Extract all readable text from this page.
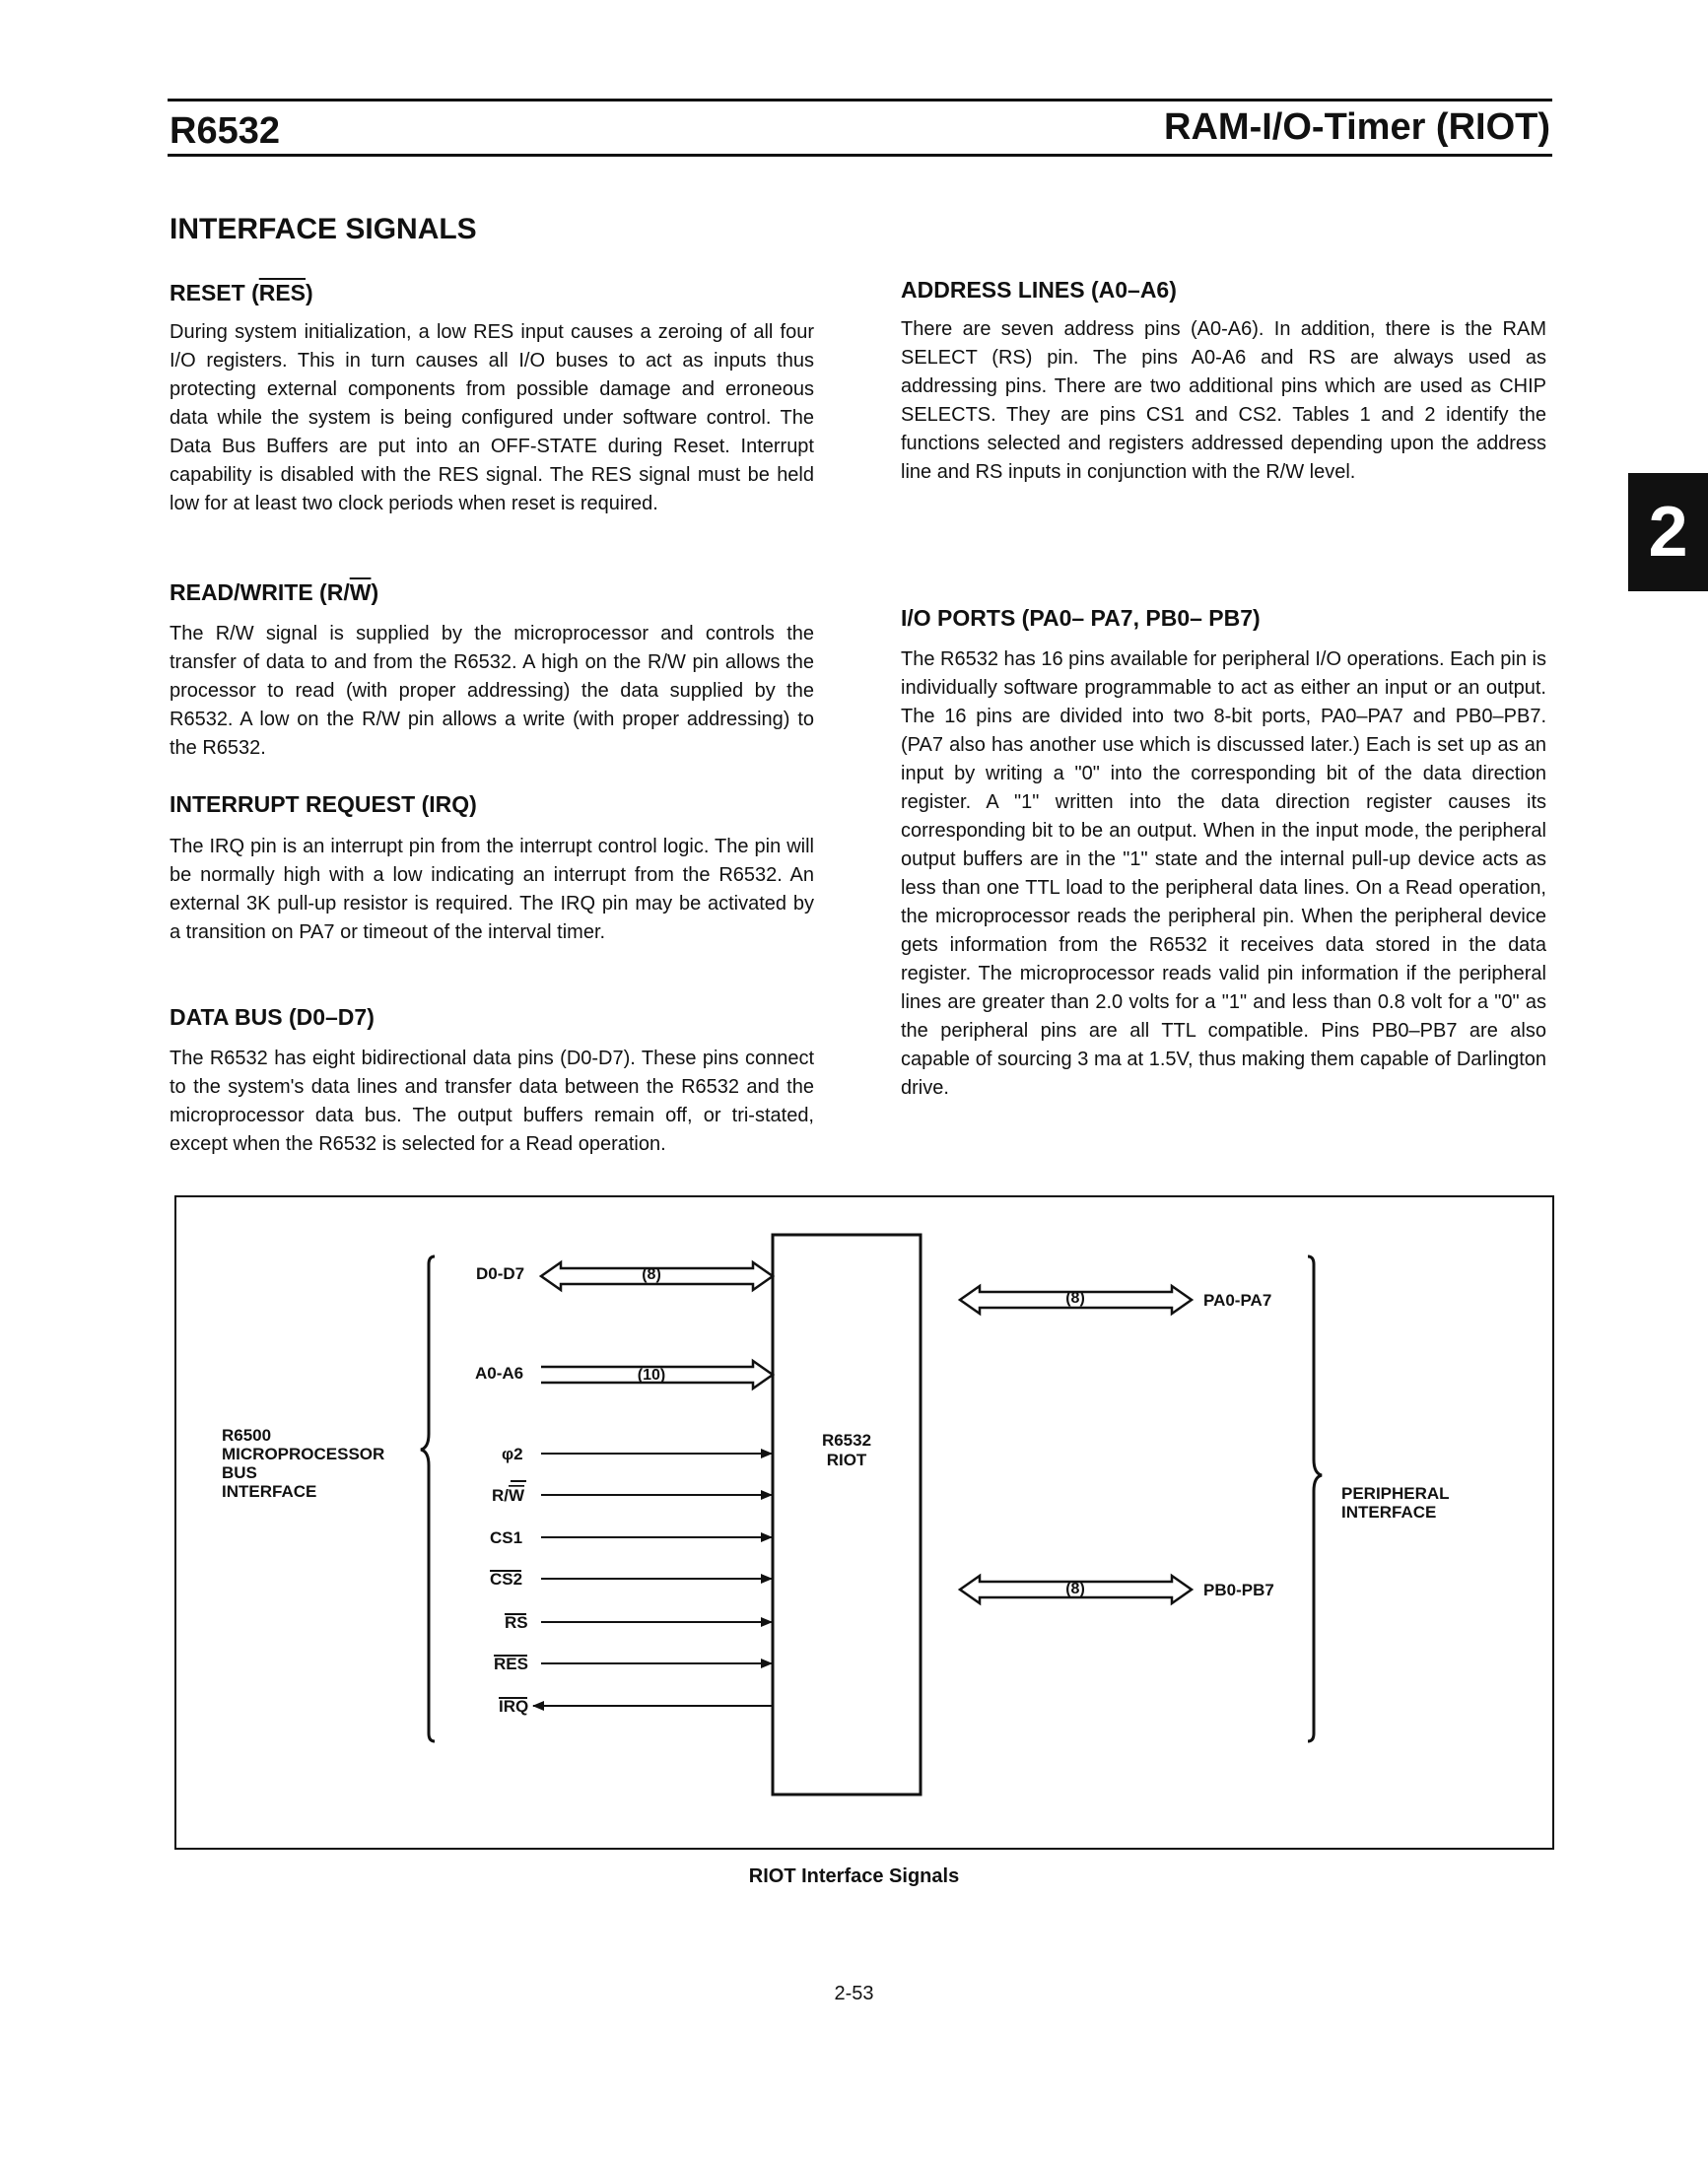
R6532	RAM-I/O-Timer (RIOT)
INTERFACE SIGNALS
2
RESET $(\overline{RES})$
During system initialization, a low RES input causes a zeroing of all four I/O registers. This in turn causes all I/O buses to act as inputs thus protecting external components from possible damage and erroneous data while the system is being configured under software control. The Data Bus Buffers are put into an OFF-STATE during Reset. Interrupt capability is disabled with the RES signal. The RES signal must be held low for at least two clock periods when reset is required.
READ/WRITE $(R/\overline{W})$
The R/W signal is supplied by the microprocessor and controls the transfer of data to and from the R6532. A high on the R/W pin allows the processor to read (with proper addressing) the data supplied by the R6532. A low on the R/W pin allows a write (with proper addressing) to the R6532.
INTERRUPT REQUEST (IRQ)
The IRQ pin is an interrupt pin from the interrupt control logic. The pin will be normally high with a low indicating an interrupt from the R6532. An external 3K pull-up resistor is required. The IRQ pin may be activated by a transition on PA7 or timeout of the interval timer.
DATA BUS (D0–D7)
The R6532 has eight bidirectional data pins (D0-D7). These pins connect to the system's data lines and transfer data between the R6532 and the microprocessor data bus. The output buffers remain off, or tri-stated, except when the R6532 is selected for a Read operation.
ADDRESS LINES (A0–A6)
There are seven address pins (A0-A6). In addition, there is the RAM SELECT (RS) pin. The pins A0-A6 and RS are always used as addressing pins. There are two additional pins which are used as CHIP SELECTS. They are pins CS1 and CS2. Tables 1 and 2 identify the functions selected and registers addressed depending upon the address line and RS inputs in conjunction with the R/W level.
I/O PORTS (PA0– PA7, PB0– PB7)
The R6532 has 16 pins available for peripheral I/O operations. Each pin is individually software programmable to act as either an input or an output. The 16 pins are divided into two 8-bit ports, PA0–PA7 and PB0–PB7. (PA7 also has another use which is discussed later.) Each is set up as an input by writing a "0" into the corresponding bit of the data direction register. A "1" written into the data direction register causes its corresponding bit to be an output. When in the input mode, the peripheral output buffers are in the "1" state and the internal pull-up device acts as less than one TTL load to the peripheral data lines. On a Read operation, the microprocessor reads the peripheral pin. When the peripheral device gets information from the R6532 it receives data stored in the data register. The microprocessor reads valid pin information if the peripheral lines are greater than 2.0 volts for a "1" and less than 0.8 volt for a "0" as the peripheral pins are all TTL compatible. Pins PB0–PB7 are also capable of sourcing 3 ma at 1.5V, thus making them capable of Darlington drive.
R6500
MICROPROCESSOR
BUS
INTERFACE
R6532
RIOT
PERIPHERAL
INTERFACE
D0-D7	(8)
A0-A6	(10)
φ2
R/W
CS1
CS2
RS
RES
IRQ
(8)	PA0-PA7
(8)	PB0-PB7
RIOT Interface Signals
2-53
